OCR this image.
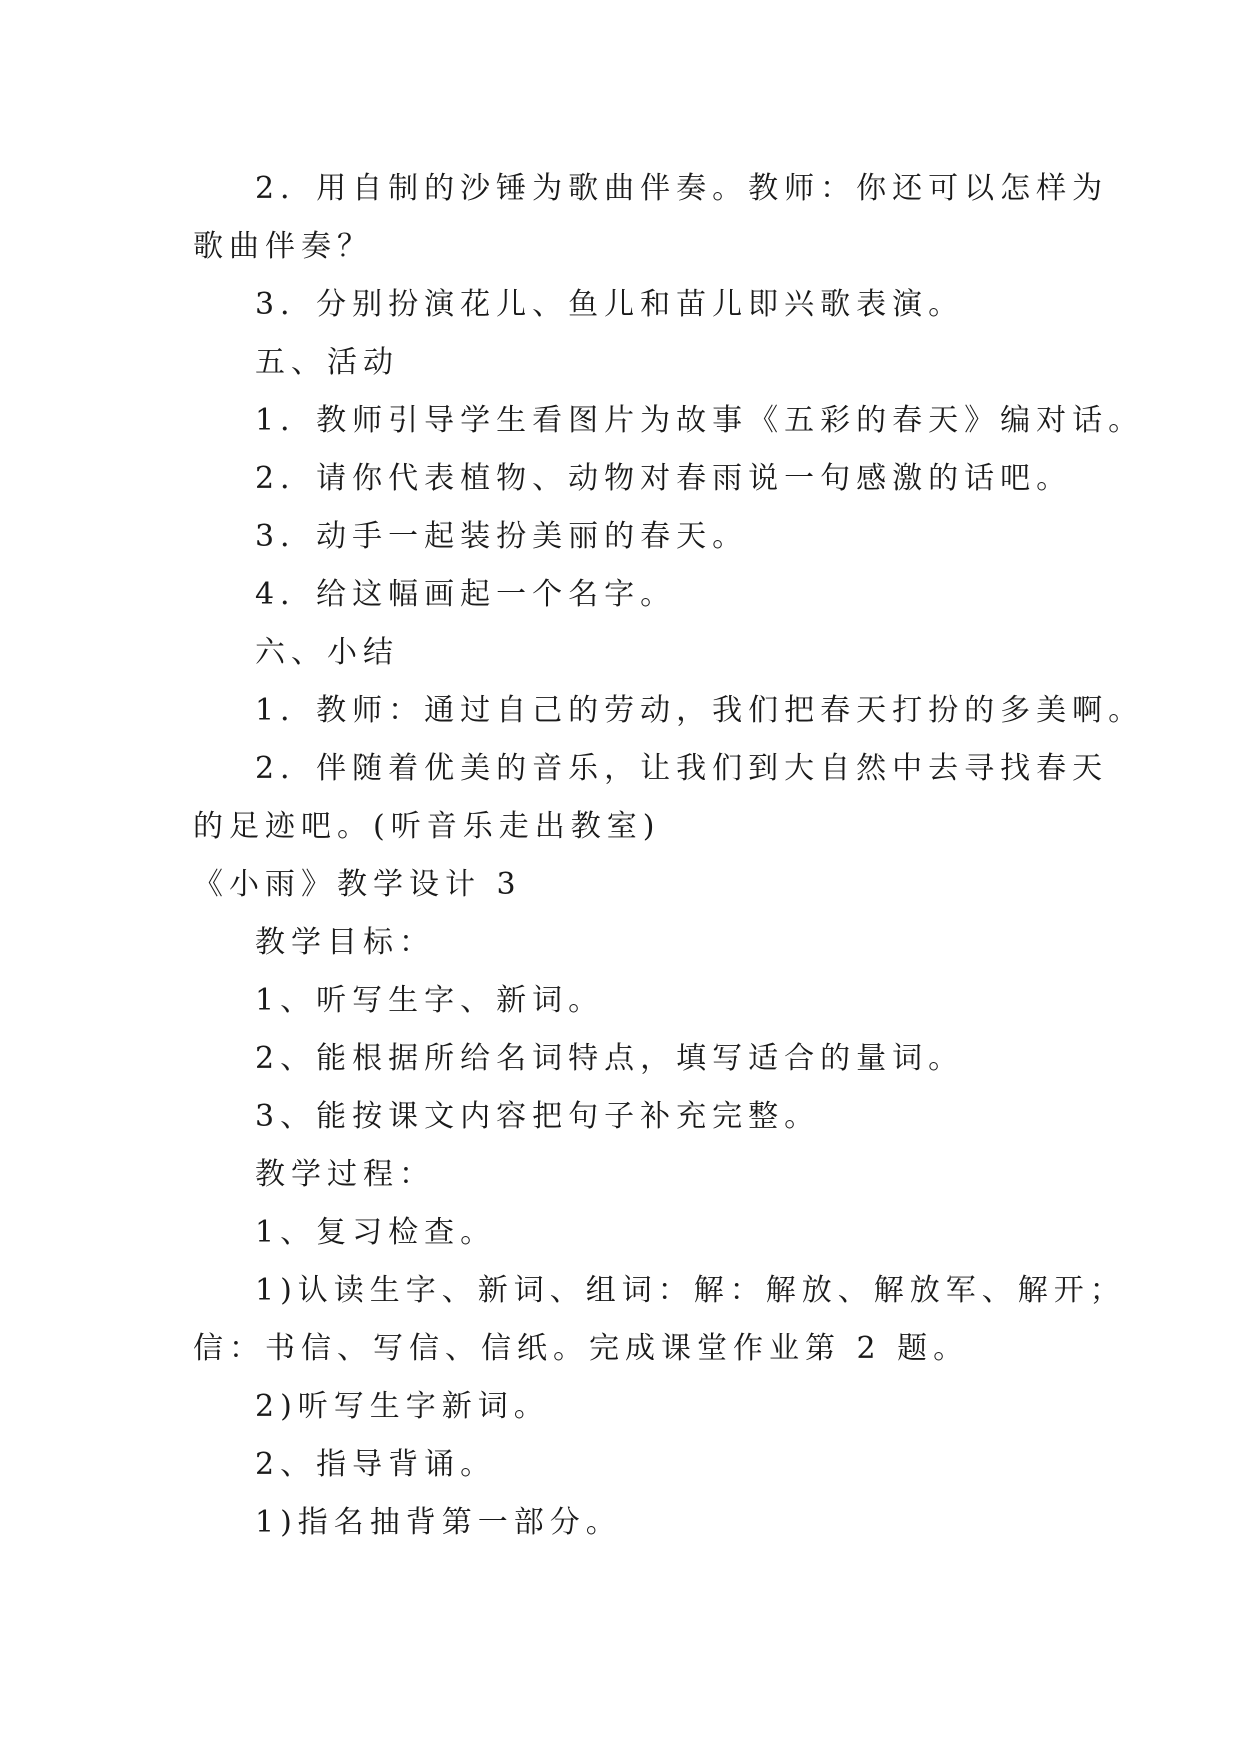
2．用自制的沙锤为歌曲伴奏。教师：你还可以怎样为

歌曲伴奏？

3．分别扮演花儿、鱼儿和苗儿即兴歌表演。

五、活动

1．教师引导学生看图片为故事《五彩的春天》编对话。

2．请你代表植物、动物对春雨说一句感激的话吧。

3．动手一起装扮美丽的春天。

4．给这幅画起一个名字。

六、小结

1．教师：通过自己的劳动，我们把春天打扮的多美啊。

2．伴随着优美的音乐，让我们到大自然中去寻找春天

的足迹吧。(听音乐走出教室)

《小雨》教学设计 3

教学目标：

1、听写生字、新词。

2、能根据所给名词特点，填写适合的量词。

3、能按课文内容把句子补充完整。

教学过程：

1、复习检查。

1)认读生字、新词、组词：解：解放、解放军、解开；

信：书信、写信、信纸。完成课堂作业第 2 题。

2)听写生字新词。

2、指导背诵。

1)指名抽背第一部分。
